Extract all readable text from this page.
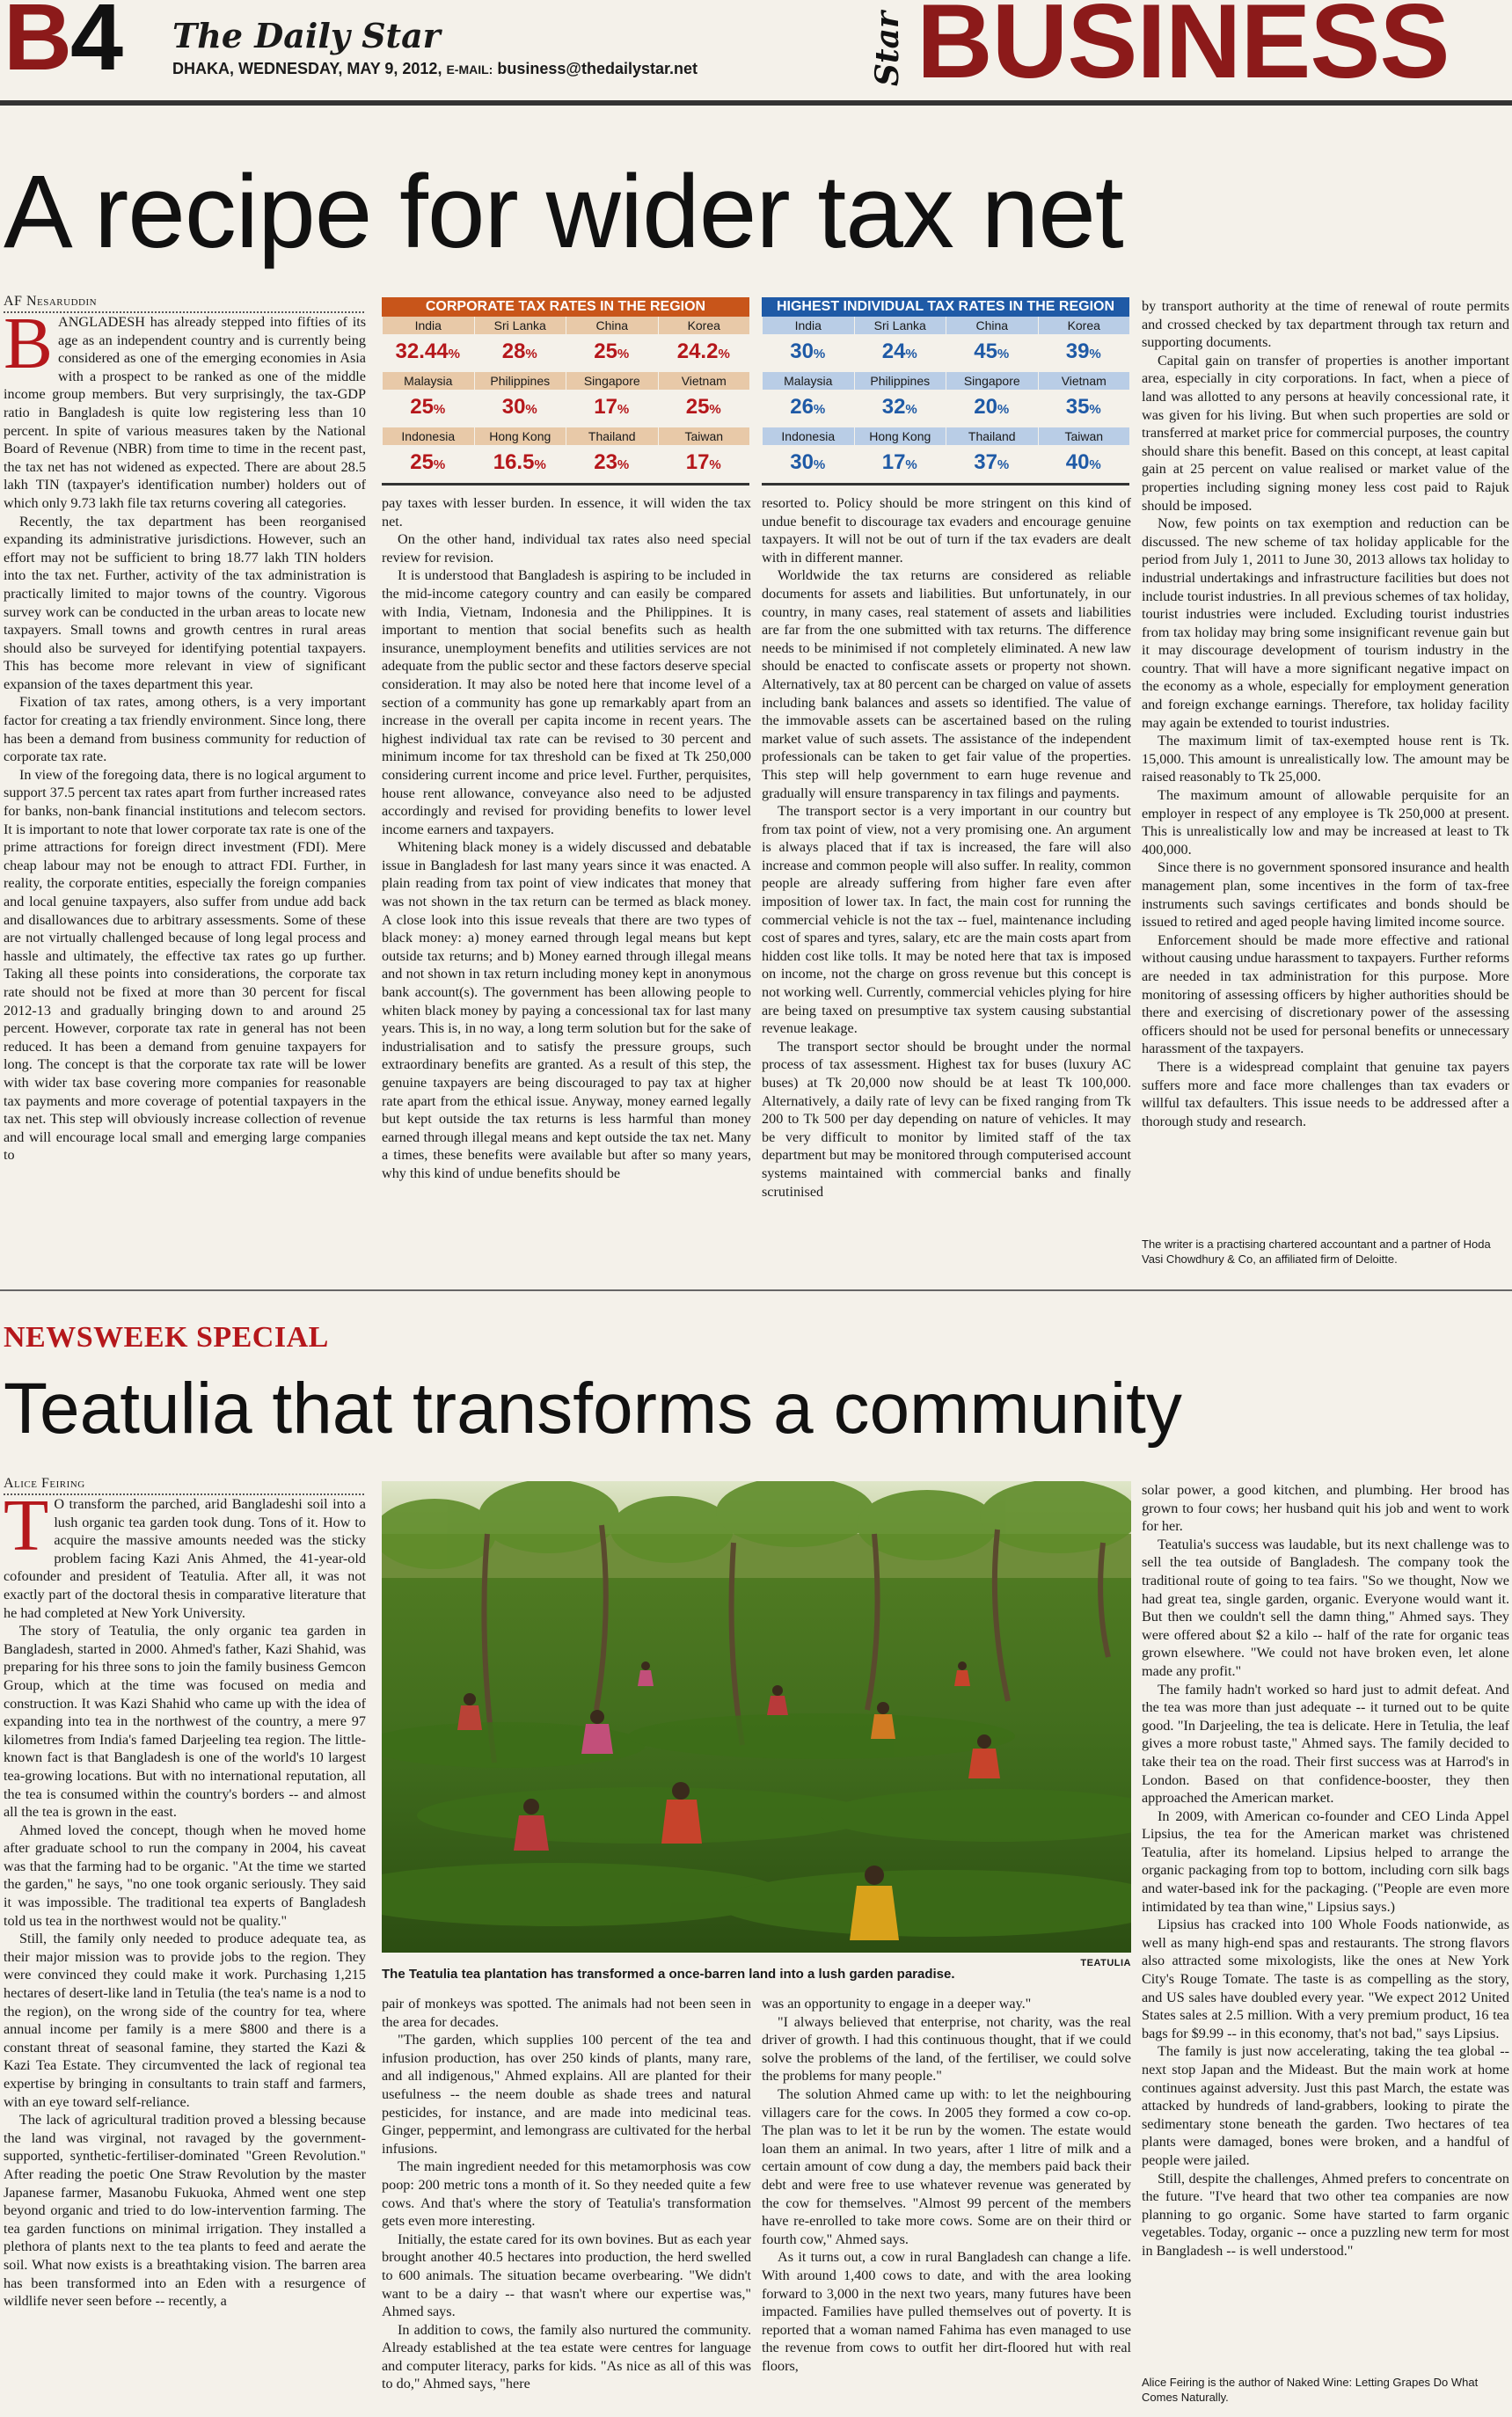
B4 The Daily Star
DHAKA, WEDNESDAY, MAY 9, 2012, E-MAIL: business@thedailystar.net	Star BUSINESS
A recipe for wider tax net
AF Nesaruddin
B ANGLADESH has already stepped into fifties of its age as an independent country and is currently being considered as one of the emerging economies in Asia with a prospect to be ranked as one of the middle income group members. But very surprisingly, the tax-GDP ratio in Bangladesh is quite low registering less than 10 percent. In spite of various measures taken by the National Board of Revenue (NBR) from time to time in the recent past, the tax net has not widened as expected. There are about 28.5 lakh TIN (taxpayer's identification number) holders out of which only 9.73 lakh file tax returns covering all categories.

Recently, the tax department has been reorganised expanding its administrative jurisdictions. However, such an effort may not be sufficient to bring 18.77 lakh TIN holders into the tax net. Further, activity of the tax administration is practically limited to major towns of the country. Vigorous survey work can be conducted in the urban areas to locate new taxpayers. Small towns and growth centres in rural areas should also be surveyed for identifying potential taxpayers. This has become more relevant in view of significant expansion of the taxes department this year.

Fixation of tax rates, among others, is a very important factor for creating a tax friendly environment. Since long, there has been a demand from business community for reduction of corporate tax rate.

In view of the foregoing data, there is no logical argument to support 37.5 percent tax rates apart from further increased rates for banks, non-bank financial institutions and telecom sectors. It is important to note that lower corporate tax rate is one of the prime attractions for foreign direct investment (FDI). Mere cheap labour may not be enough to attract FDI. Further, in reality, the corporate entities, especially the foreign companies and local genuine taxpayers, also suffer from undue add back and disallowances due to arbitrary assessments. Some of these are not virtually challenged because of long legal process and hassle and ultimately, the effective tax rates go up further. Taking all these points into considerations, the corporate tax rate should not be fixed at more than 30 percent for fiscal 2012-13 and gradually bringing down to and around 25 percent. However, corporate tax rate in general has not been reduced. It has been a demand from genuine taxpayers for long. The concept is that the corporate tax rate will be lower with wider tax base covering more companies for reasonable tax payments and more coverage of potential taxpayers in the tax net. This step will obviously increase collection of revenue and will encourage local small and emerging large companies to

CORPORATE TAX RATES IN THE REGION
India	Sri Lanka	China	Korea
32.44%	28%	25%	24.2%
Malaysia	Philippines	Singapore	Vietnam
25%	30%	17%	25%
Indonesia	Hong Kong	Thailand	Taiwan
25%	16.5%	23%	17%
HIGHEST INDIVIDUAL TAX RATES IN THE REGION
India	Sri Lanka	China	Korea
30%	24%	45%	39%
Malaysia	Philippines	Singapore	Vietnam
26%	32%	20%	35%
Indonesia	Hong Kong	Thailand	Taiwan
30%	17%	37%	40%

pay taxes with lesser burden. In essence, it will widen the tax net.

On the other hand, individual tax rates also need special review for revision.

It is understood that Bangladesh is aspiring to be included in the mid-income category country and can easily be compared with India, Vietnam, Indonesia and the Philippines. It is important to mention that social benefits such as health insurance, unemployment benefits and utilities services are not adequate from the public sector and these factors deserve special consideration. It may also be noted here that income level of a section of a community has gone up remarkably apart from an increase in the overall per capita income in recent years. The highest individual tax rate can be revised to 30 percent and minimum income for tax threshold can be fixed at Tk 250,000 considering current income and price level. Further, perquisites, house rent allowance, conveyance also need to be adjusted accordingly and revised for providing benefits to lower level income earners and taxpayers.

Whitening black money is a widely discussed and debatable issue in Bangladesh for last many years since it was enacted. A plain reading from tax point of view indicates that money that was not shown in the tax return can be termed as black money. A close look into this issue reveals that there are two types of black money: a) money earned through legal means but kept outside tax returns; and b) Money earned through illegal means and not shown in tax return including money kept in anonymous bank account(s). The government has been allowing people to whiten black money by paying a concessional tax for last many years. This is, in no way, a long term solution but for the sake of industrialisation and to satisfy the pressure groups, such extraordinary benefits are granted. As a result of this step, the genuine taxpayers are being discouraged to pay tax at higher rate apart from the ethical issue. Anyway, money earned legally but kept outside the tax returns is less harmful than money earned through illegal means and kept outside the tax net. Many a times, these benefits were available but after so many years, why this kind of undue benefits should be

resorted to. Policy should be more stringent on this kind of undue benefit to discourage tax evaders and encourage genuine taxpayers. It will not be out of turn if the tax evaders are dealt with in different manner.

Worldwide the tax returns are considered as reliable documents for assets and liabilities. But unfortunately, in our country, in many cases, real statement of assets and liabilities are far from the one submitted with tax returns. The difference needs to be minimised if not completely eliminated. A new law should be enacted to confiscate assets or property not shown. Alternatively, tax at 80 percent can be charged on value of assets including bank balances and assets so identified. The value of the immovable assets can be ascertained based on the ruling market value of such assets. The assistance of the independent professionals can be taken to get fair value of the properties. This step will help government to earn huge revenue and gradually will ensure transparency in tax filings and payments.

The transport sector is a very important in our country but from tax point of view, not a very promising one. An argument is always placed that if tax is increased, the fare will also increase and common people will also suffer. In reality, common people are already suffering from higher fare even after imposition of lower tax. In fact, the main cost for running the commercial vehicle is not the tax -- fuel, maintenance including cost of spares and tyres, salary, etc are the main costs apart from hidden cost like tolls. It may be noted here that tax is imposed on income, not the charge on gross revenue but this concept is not working well. Currently, commercial vehicles plying for hire are being taxed on presumptive tax system causing substantial revenue leakage.

The transport sector should be brought under the normal process of tax assessment. Highest tax for buses (luxury AC buses) at Tk 20,000 now should be at least Tk 100,000. Alternatively, a daily rate of levy can be fixed ranging from Tk 200 to Tk 500 per day depending on nature of vehicles. It may be very difficult to monitor by limited staff of the tax department but may be monitored through computerised account systems maintained with commercial banks and finally scrutinised

by transport authority at the time of renewal of route permits and crossed checked by tax department through tax return and supporting documents.

Capital gain on transfer of properties is another important area, especially in city corporations. In fact, when a piece of land was allotted to any persons at heavily concessional rate, it was given for his living. But when such properties are sold or transferred at market price for commercial purposes, the country should share this benefit. Based on this concept, at least capital gain at 25 percent on value realised or market value of the properties including signing money less cost paid to Rajuk should be imposed.

Now, few points on tax exemption and reduction can be discussed. The new scheme of tax holiday applicable for the period from July 1, 2011 to June 30, 2013 allows tax holiday to industrial undertakings and infrastructure facilities but does not include tourist industries. In all previous schemes of tax holiday, tourist industries were included. Excluding tourist industries from tax holiday may bring some insignificant revenue gain but it may discourage development of tourism industry in the country. That will have a more significant negative impact on the economy as a whole, especially for employment generation and foreign exchange earnings. Therefore, tax holiday facility may again be extended to tourist industries.

The maximum limit of tax-exempted house rent is Tk. 15,000. This amount is unrealistically low. The amount may be raised reasonably to Tk 25,000.

The maximum amount of allowable perquisite for an employer in respect of any employee is Tk 250,000 at present. This is unrealistically low and may be increased at least to Tk 400,000.

Since there is no government sponsored insurance and health management plan, some incentives in the form of tax-free instruments such savings certificates and bonds should be issued to retired and aged people having limited income source.

Enforcement should be made more effective and rational without causing undue harassment to taxpayers. Further reforms are needed in tax administration for this purpose. More monitoring of assessing officers by higher authorities should be there and exercising of discretionary power of the assessing officers should not be used for personal benefits or unnecessary harassment of the taxpayers.

There is a widespread complaint that genuine tax payers suffers more and face more challenges than tax evaders or willful tax defaulters. This issue needs to be addressed after a thorough study and research.

The writer is a practising chartered accountant and a partner of Hoda Vasi Chowdhury & Co, an affiliated firm of Deloitte.
NEWSWEEK SPECIAL
Teatulia that transforms a community
Alice Feiring
T O transform the parched, arid Bangladeshi soil into a lush organic tea garden took dung. Tons of it. How to acquire the massive amounts needed was the sticky problem facing Kazi Anis Ahmed, the 41-year-old cofounder and president of Teatulia. After all, it was not exactly part of the doctoral thesis in comparative literature that he had completed at New York University.

The story of Teatulia, the only organic tea garden in Bangladesh, started in 2000. Ahmed's father, Kazi Shahid, was preparing for his three sons to join the family business Gemcon Group, which at the time was focused on media and construction. It was Kazi Shahid who came up with the idea of expanding into tea in the northwest of the country, a mere 97 kilometres from India's famed Darjeeling tea region. The little-known fact is that Bangladesh is one of the world's 10 largest tea-growing locations. But with no international reputation, all the tea is consumed within the country's borders -- and almost all the tea is grown in the east.

Ahmed loved the concept, though when he moved home after graduate school to run the company in 2004, his caveat was that the farming had to be organic. "At the time we started the garden," he says, "no one took organic seriously. They said it was impossible. The traditional tea experts of Bangladesh told us tea in the northwest would not be quality."

Still, the family only needed to produce adequate tea, as their major mission was to provide jobs to the region. They were convinced they could make it work. Purchasing 1,215 hectares of desert-like land in Tetulia (the tea's name is a nod to the region), on the wrong side of the country for tea, where annual income per family is a mere $800 and there is a constant threat of seasonal famine, they started the Kazi & Kazi Tea Estate. They circumvented the lack of regional tea expertise by bringing in consultants to train staff and farmers, with an eye toward self-reliance.

The lack of agricultural tradition proved a blessing because the land was virginal, not ravaged by the government-supported, synthetic-fertiliser-dominated "Green Revolution." After reading the poetic One Straw Revolution by the master Japanese farmer, Masanobu Fukuoka, Ahmed went one step beyond organic and tried to do low-intervention farming. The tea garden functions on minimal irrigation. They installed a plethora of plants next to the tea plants to feed and aerate the soil. What now exists is a breathtaking vision. The barren area has been transformed into an Eden with a resurgence of wildlife never seen before -- recently, a

The Teatulia tea plantation has transformed a once-barren land into a lush garden paradise.
TEATULIA

pair of monkeys was spotted. The animals had not been seen in the area for decades.

"The garden, which supplies 100 percent of the tea and infusion production, has over 250 kinds of plants, many rare, and all indigenous," Ahmed explains. All are planted for their usefulness -- the neem double as shade trees and natural pesticides, for instance, and are made into medicinal teas. Ginger, peppermint, and lemongrass are cultivated for the herbal infusions.

The main ingredient needed for this metamorphosis was cow poop: 200 metric tons a month of it. So they needed quite a few cows. And that's where the story of Teatulia's transformation gets even more interesting.

Initially, the estate cared for its own bovines. But as each year brought another 40.5 hectares into production, the herd swelled to 600 animals. The situation became overbearing. "We didn't want to be a dairy -- that wasn't where our expertise was," Ahmed says.

In addition to cows, the family also nurtured the community. Already established at the tea estate were centres for language and computer literacy, parks for kids. "As nice as all of this was to do," Ahmed says, "here

was an opportunity to engage in a deeper way."

"I always believed that enterprise, not charity, was the real driver of growth. I had this continuous thought, that if we could solve the problems of the land, of the fertiliser, we could solve the problems for many people."

The solution Ahmed came up with: to let the neighbouring villagers care for the cows. In 2005 they formed a cow co-op. The plan was to let it be run by the women. The estate would loan them an animal. In two years, after 1 litre of milk and a certain amount of cow dung a day, the members paid back their debt and were free to use whatever revenue was generated by the cow for themselves. "Almost 99 percent of the members have re-enrolled to take more cows. Some are on their third or fourth cow," Ahmed says.

As it turns out, a cow in rural Bangladesh can change a life. With around 1,400 cows to date, and with the area looking forward to 3,000 in the next two years, many futures have been impacted. Families have pulled themselves out of poverty. It is reported that a woman named Fahima has even managed to use the revenue from cows to outfit her dirt-floored hut with real floors,

solar power, a good kitchen, and plumbing. Her brood has grown to four cows; her husband quit his job and went to work for her.

Teatulia's success was laudable, but its next challenge was to sell the tea outside of Bangladesh. The company took the traditional route of going to tea fairs. "So we thought, Now we had great tea, single garden, organic. Everyone would want it. But then we couldn't sell the damn thing," Ahmed says. They were offered about $2 a kilo -- half of the rate for organic teas grown elsewhere. "We could not have broken even, let alone made any profit."

The family hadn't worked so hard just to admit defeat. And the tea was more than just adequate -- it turned out to be quite good. "In Darjeeling, the tea is delicate. Here in Tetulia, the leaf gives a more robust taste," Ahmed says. The family decided to take their tea on the road. Their first success was at Harrod's in London. Based on that confidence-booster, they then approached the American market.

In 2009, with American co-founder and CEO Linda Appel Lipsius, the tea for the American market was christened Teatulia, after its homeland. Lipsius helped to arrange the organic packaging from top to bottom, including corn silk bags and water-based ink for the packaging. ("People are even more intimidated by tea than wine," Lipsius says.)

Lipsius has cracked into 100 Whole Foods nationwide, as well as many high-end spas and restaurants. The strong flavors also attracted some mixologists, like the ones at New York City's Rouge Tomate. The taste is as compelling as the story, and US sales have doubled every year. "We expect 2012 United States sales at 2.5 million. With a very premium product, 16 tea bags for $9.99 -- in this economy, that's not bad," says Lipsius.

The family is just now accelerating, taking the tea global -- next stop Japan and the Mideast. But the main work at home continues against adversity. Just this past March, the estate was attacked by hundreds of land-grabbers, looking to pirate the sedimentary stone beneath the garden. Two hectares of tea plants were damaged, bones were broken, and a handful of people were jailed.

Still, despite the challenges, Ahmed prefers to concentrate on the future. "I've heard that two other tea companies are now planning to go organic. Some have started to farm organic vegetables. Today, organic -- once a puzzling new term for most in Bangladesh -- is well understood."

Alice Feiring is the author of Naked Wine: Letting Grapes Do What Comes Naturally.
